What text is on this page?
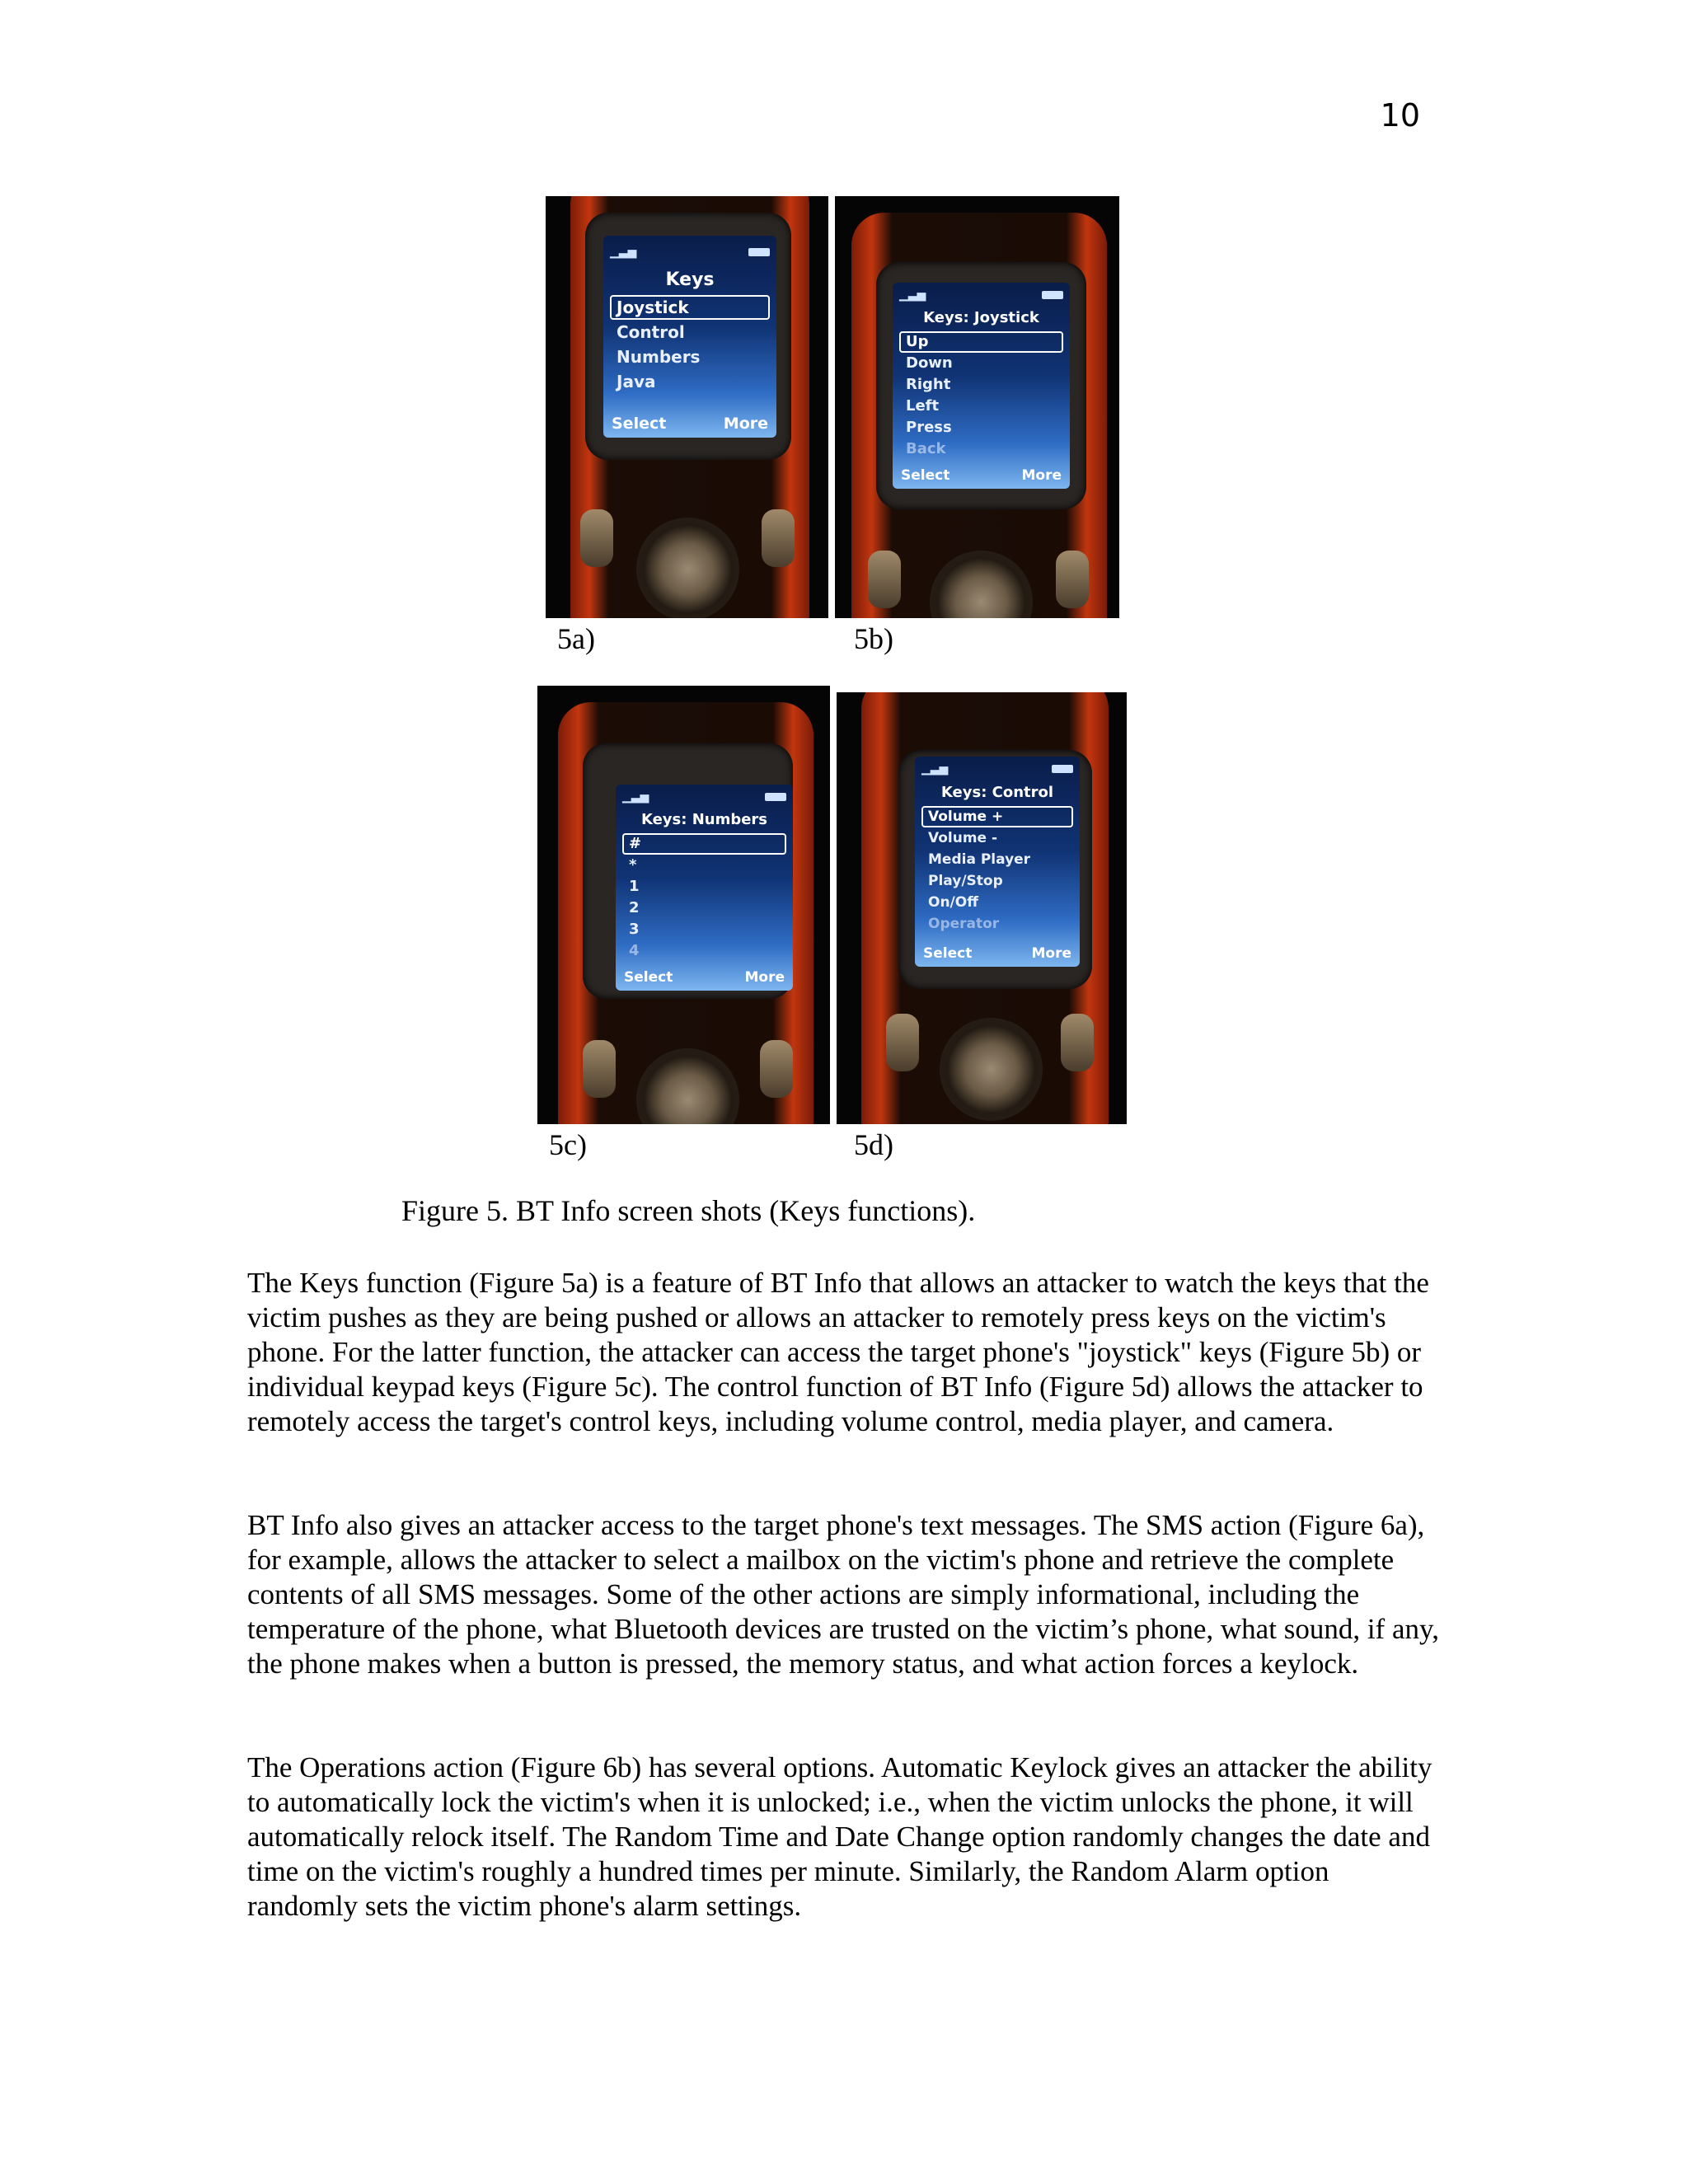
10
▁▃▅
Keys
Joystick
Control
Numbers
Java
Select	More
5a)
▁▃▅
Keys: Joystick
Up
Down
Right
Left
Press
Back
Select	More
5b)
▁▃▅
Keys: Numbers
#
*
1
2
3
4
Select	More
5c)
▁▃▅
Keys: Control
Volume +
Volume -
Media Player
Play/Stop
On/Off
Operator
Select	More
5d)
Figure 5. BT Info screen shots (Keys functions).

The Keys function (Figure 5a) is a feature of BT Info that allows an attacker to watch the keys that the victim pushes as they are being pushed or allows an attacker to remotely press keys on the victim's phone. For the latter function, the attacker can access the target phone's "joystick" keys (Figure 5b) or individual keypad keys (Figure 5c). The control function of BT Info (Figure 5d) allows the attacker to remotely access the target's control keys, including volume control, media player, and camera.

BT Info also gives an attacker access to the target phone's text messages. The SMS action (Figure 6a), for example, allows the attacker to select a mailbox on the victim's phone and retrieve the complete contents of all SMS messages. Some of the other actions are simply informational, including the temperature of the phone, what Bluetooth devices are trusted on the victim’s phone, what sound, if any, the phone makes when a button is pressed, the memory status, and what action forces a keylock.

The Operations action (Figure 6b) has several options. Automatic Keylock gives an attacker the ability to automatically lock the victim's when it is unlocked; i.e., when the victim unlocks the phone, it will automatically relock itself. The Random Time and Date Change option randomly changes the date and time on the victim's roughly a hundred times per minute. Similarly, the Random Alarm option randomly sets the victim phone's alarm settings.
